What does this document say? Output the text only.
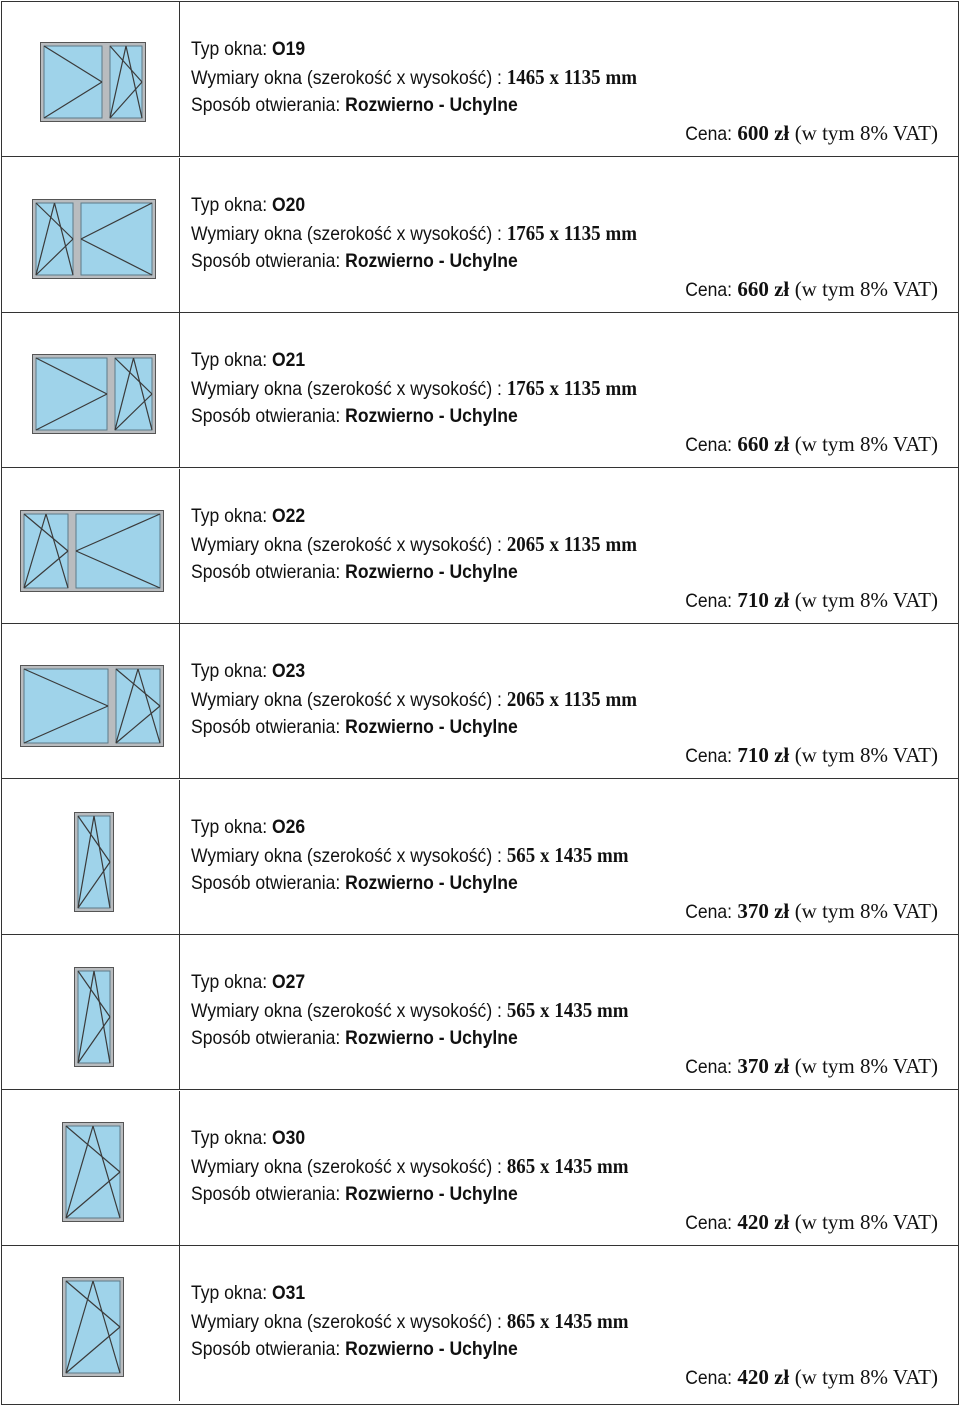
Typ okna: O19
Wymiary okna (szerokość x wysokość) : 1465 x 1135 mm
Sposób otwierania: Rozwierno - Uchylne
Cena: 600 zł (w tym 8% VAT)
Typ okna: O20
Wymiary okna (szerokość x wysokość) : 1765 x 1135 mm
Sposób otwierania: Rozwierno - Uchylne
Cena: 660 zł (w tym 8% VAT)
Typ okna: O21
Wymiary okna (szerokość x wysokość) : 1765 x 1135 mm
Sposób otwierania: Rozwierno - Uchylne
Cena: 660 zł (w tym 8% VAT)
Typ okna: O22
Wymiary okna (szerokość x wysokość) : 2065 x 1135 mm
Sposób otwierania: Rozwierno - Uchylne
Cena: 710 zł (w tym 8% VAT)
Typ okna: O23
Wymiary okna (szerokość x wysokość) : 2065 x 1135 mm
Sposób otwierania: Rozwierno - Uchylne
Cena: 710 zł (w tym 8% VAT)
Typ okna: O26
Wymiary okna (szerokość x wysokość) : 565 x 1435 mm
Sposób otwierania: Rozwierno - Uchylne
Cena: 370 zł (w tym 8% VAT)
Typ okna: O27
Wymiary okna (szerokość x wysokość) : 565 x 1435 mm
Sposób otwierania: Rozwierno - Uchylne
Cena: 370 zł (w tym 8% VAT)
Typ okna: O30
Wymiary okna (szerokość x wysokość) : 865 x 1435 mm
Sposób otwierania: Rozwierno - Uchylne
Cena: 420 zł (w tym 8% VAT)
Typ okna: O31
Wymiary okna (szerokość x wysokość) : 865 x 1435 mm
Sposób otwierania: Rozwierno - Uchylne
Cena: 420 zł (w tym 8% VAT)
